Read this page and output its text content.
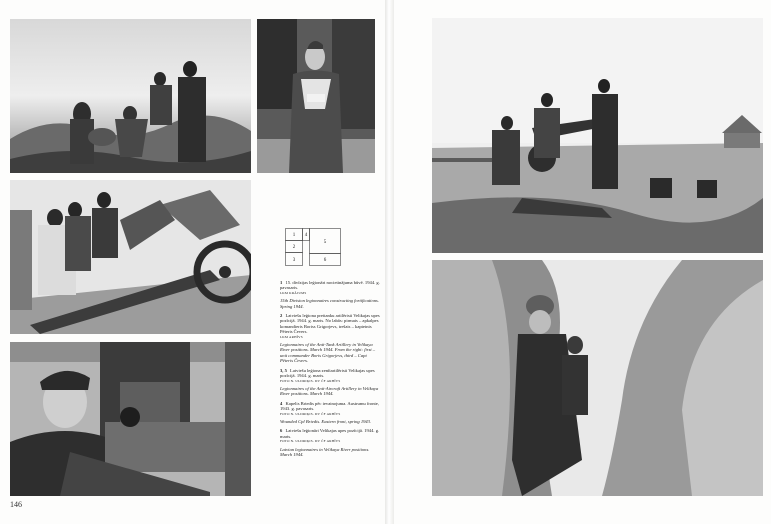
1 4
5
2
3	6
1 15. divīzijas leģionāri nocietinājuma būvē. 1944. g. pavasaris.
LKM KRĀJUMS
15th Division legionnaires constructing fortifications. Spring 1944.
2 Latviešu leģiona prettanku artilēristi Velikajas upes pozīcijā. 1944. g. marts. No labās: pirmais – apkalpes komandieris Boriss Grigorjevs, trešais – kapteinis Pēteris Čevers.
LKM ARHĪVS
Legionnaires of the Anti-Tank Artillery in Velikaya River positions. March 1944. From the right: first – unit commander Boris Grigorjevs, third – Capt Pēteris Čevers.
3, 5 Latviešu leģiona zenītartilēristi Velikajas upes pozīcijā. 1944. g. marts.
FOTO N. ULDRIĶIS. DV ČF ARHĪVS
Legionnaires of the Anti-Aircraft Artillery in Velikaya River positions. March 1944.
4 Kapelis Briedis pēc ievainojuma. Austrumu fronte, 1943. g. pavasaris.
FOTO N. ULDRIĶIS. DV ČF ARHĪVS
Wounded Cpl Briedis. Eastern front, spring 1943.
6 Latviešu leģionāri Velikajas upes pozīcijā. 1944. g. marts.
FOTO N. ULDRIĶIS. DV ČF ARHĪVS
Latvian legionnaires in Velikaya River positions. March 1944.
146
